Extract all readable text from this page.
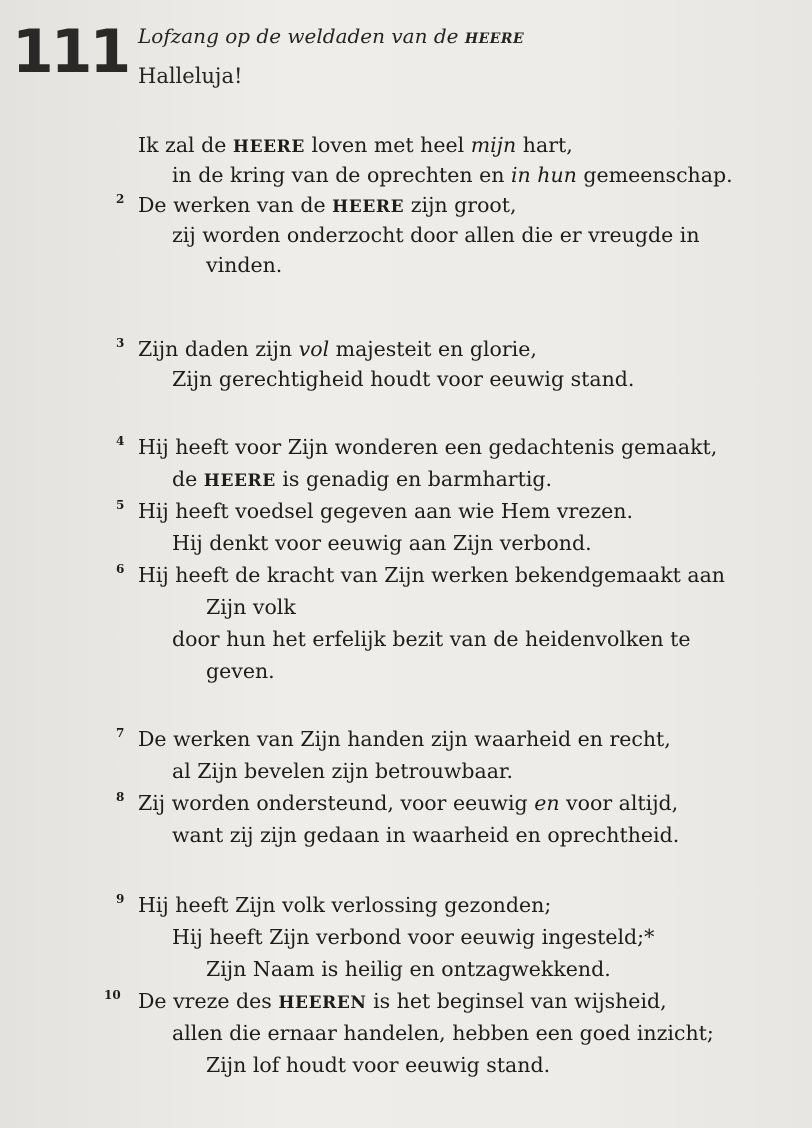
111 Lofzang op de weldaden van de HEERE
Halleluja!
Ik zal de HEERE loven met heel mijn hart,
in de kring van de oprechten en in hun gemeenschap.
2 De werken van de HEERE zijn groot,
zij worden onderzocht door allen die er vreugde in
vinden.
3 Zijn daden zijn vol majesteit en glorie,
Zijn gerechtigheid houdt voor eeuwig stand.
4 Hij heeft voor Zijn wonderen een gedachtenis gemaakt,
de HEERE is genadig en barmhartig.
5 Hij heeft voedsel gegeven aan wie Hem vrezen.
Hij denkt voor eeuwig aan Zijn verbond.
6 Hij heeft de kracht van Zijn werken bekendgemaakt aan
Zijn volk
door hun het erfelijk bezit van de heidenvolken te
geven.
7 De werken van Zijn handen zijn waarheid en recht,
al Zijn bevelen zijn betrouwbaar.
8 Zij worden ondersteund, voor eeuwig en voor altijd,
want zij zijn gedaan in waarheid en oprechtheid.
9 Hij heeft Zijn volk verlossing gezonden;
Hij heeft Zijn verbond voor eeuwig ingesteld;*
Zijn Naam is heilig en ontzagwekkend.
10 De vreze des HEEREN is het beginsel van wijsheid,
allen die ernaar handelen, hebben een goed inzicht;
Zijn lof houdt voor eeuwig stand.
